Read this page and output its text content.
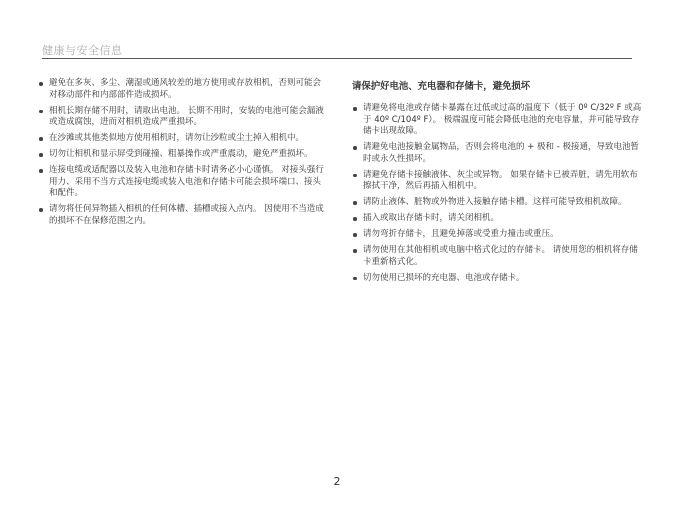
健康与安全信息
避免在多灰、多尘、潮湿或通风较差的地方使用或存放相机，否则可能会对移动部件和内部部件造成损坏。
相机长期存储不用时，请取出电池。 长期不用时，安装的电池可能会漏液或造成腐蚀，进而对相机造成严重损坏。
在沙滩或其他类似地方使用相机时，请勿让沙粒或尘土掉入相机中。
切勿让相机和显示屏受到碰撞、粗暴操作或严重震动，避免严重损坏。
连接电缆或适配器以及装入电池和存储卡时请务必小心谨慎。 对接头强行用力、采用不当方式连接电缆或装入电池和存储卡可能会损坏端口、接头和配件。
请勿将任何异物插入相机的任何体槽、插槽或接入点内。 因使用不当造成的损坏不在保修范围之内。
请保护好电池、充电器和存储卡，避免损坏
请避免将电池或存储卡暴露在过低或过高的温度下（低于 0º C/32º F 或高于 40º C/104º F）。 极端温度可能会降低电池的充电容量，并可能导致存储卡出现故障。
请避免电池接触金属物品，否则会将电池的 + 极和 - 极接通，导致电池暂时或永久性损坏。
请避免存储卡接触液体、灰尘或异物。 如果存储卡已被弄脏，请先用软布擦拭干净，然后再插入相机中。
请防止液体、脏物或外物进入接触存储卡槽。这样可能导致相机故障。
插入或取出存储卡时，请关闭相机。
请勿弯折存储卡，且避免掉落或受重力撞击或重压。
请勿使用在其他相机或电脑中格式化过的存储卡。 请使用您的相机将存储卡重新格式化。
切勿使用已损坏的充电器、电池或存储卡。
2
